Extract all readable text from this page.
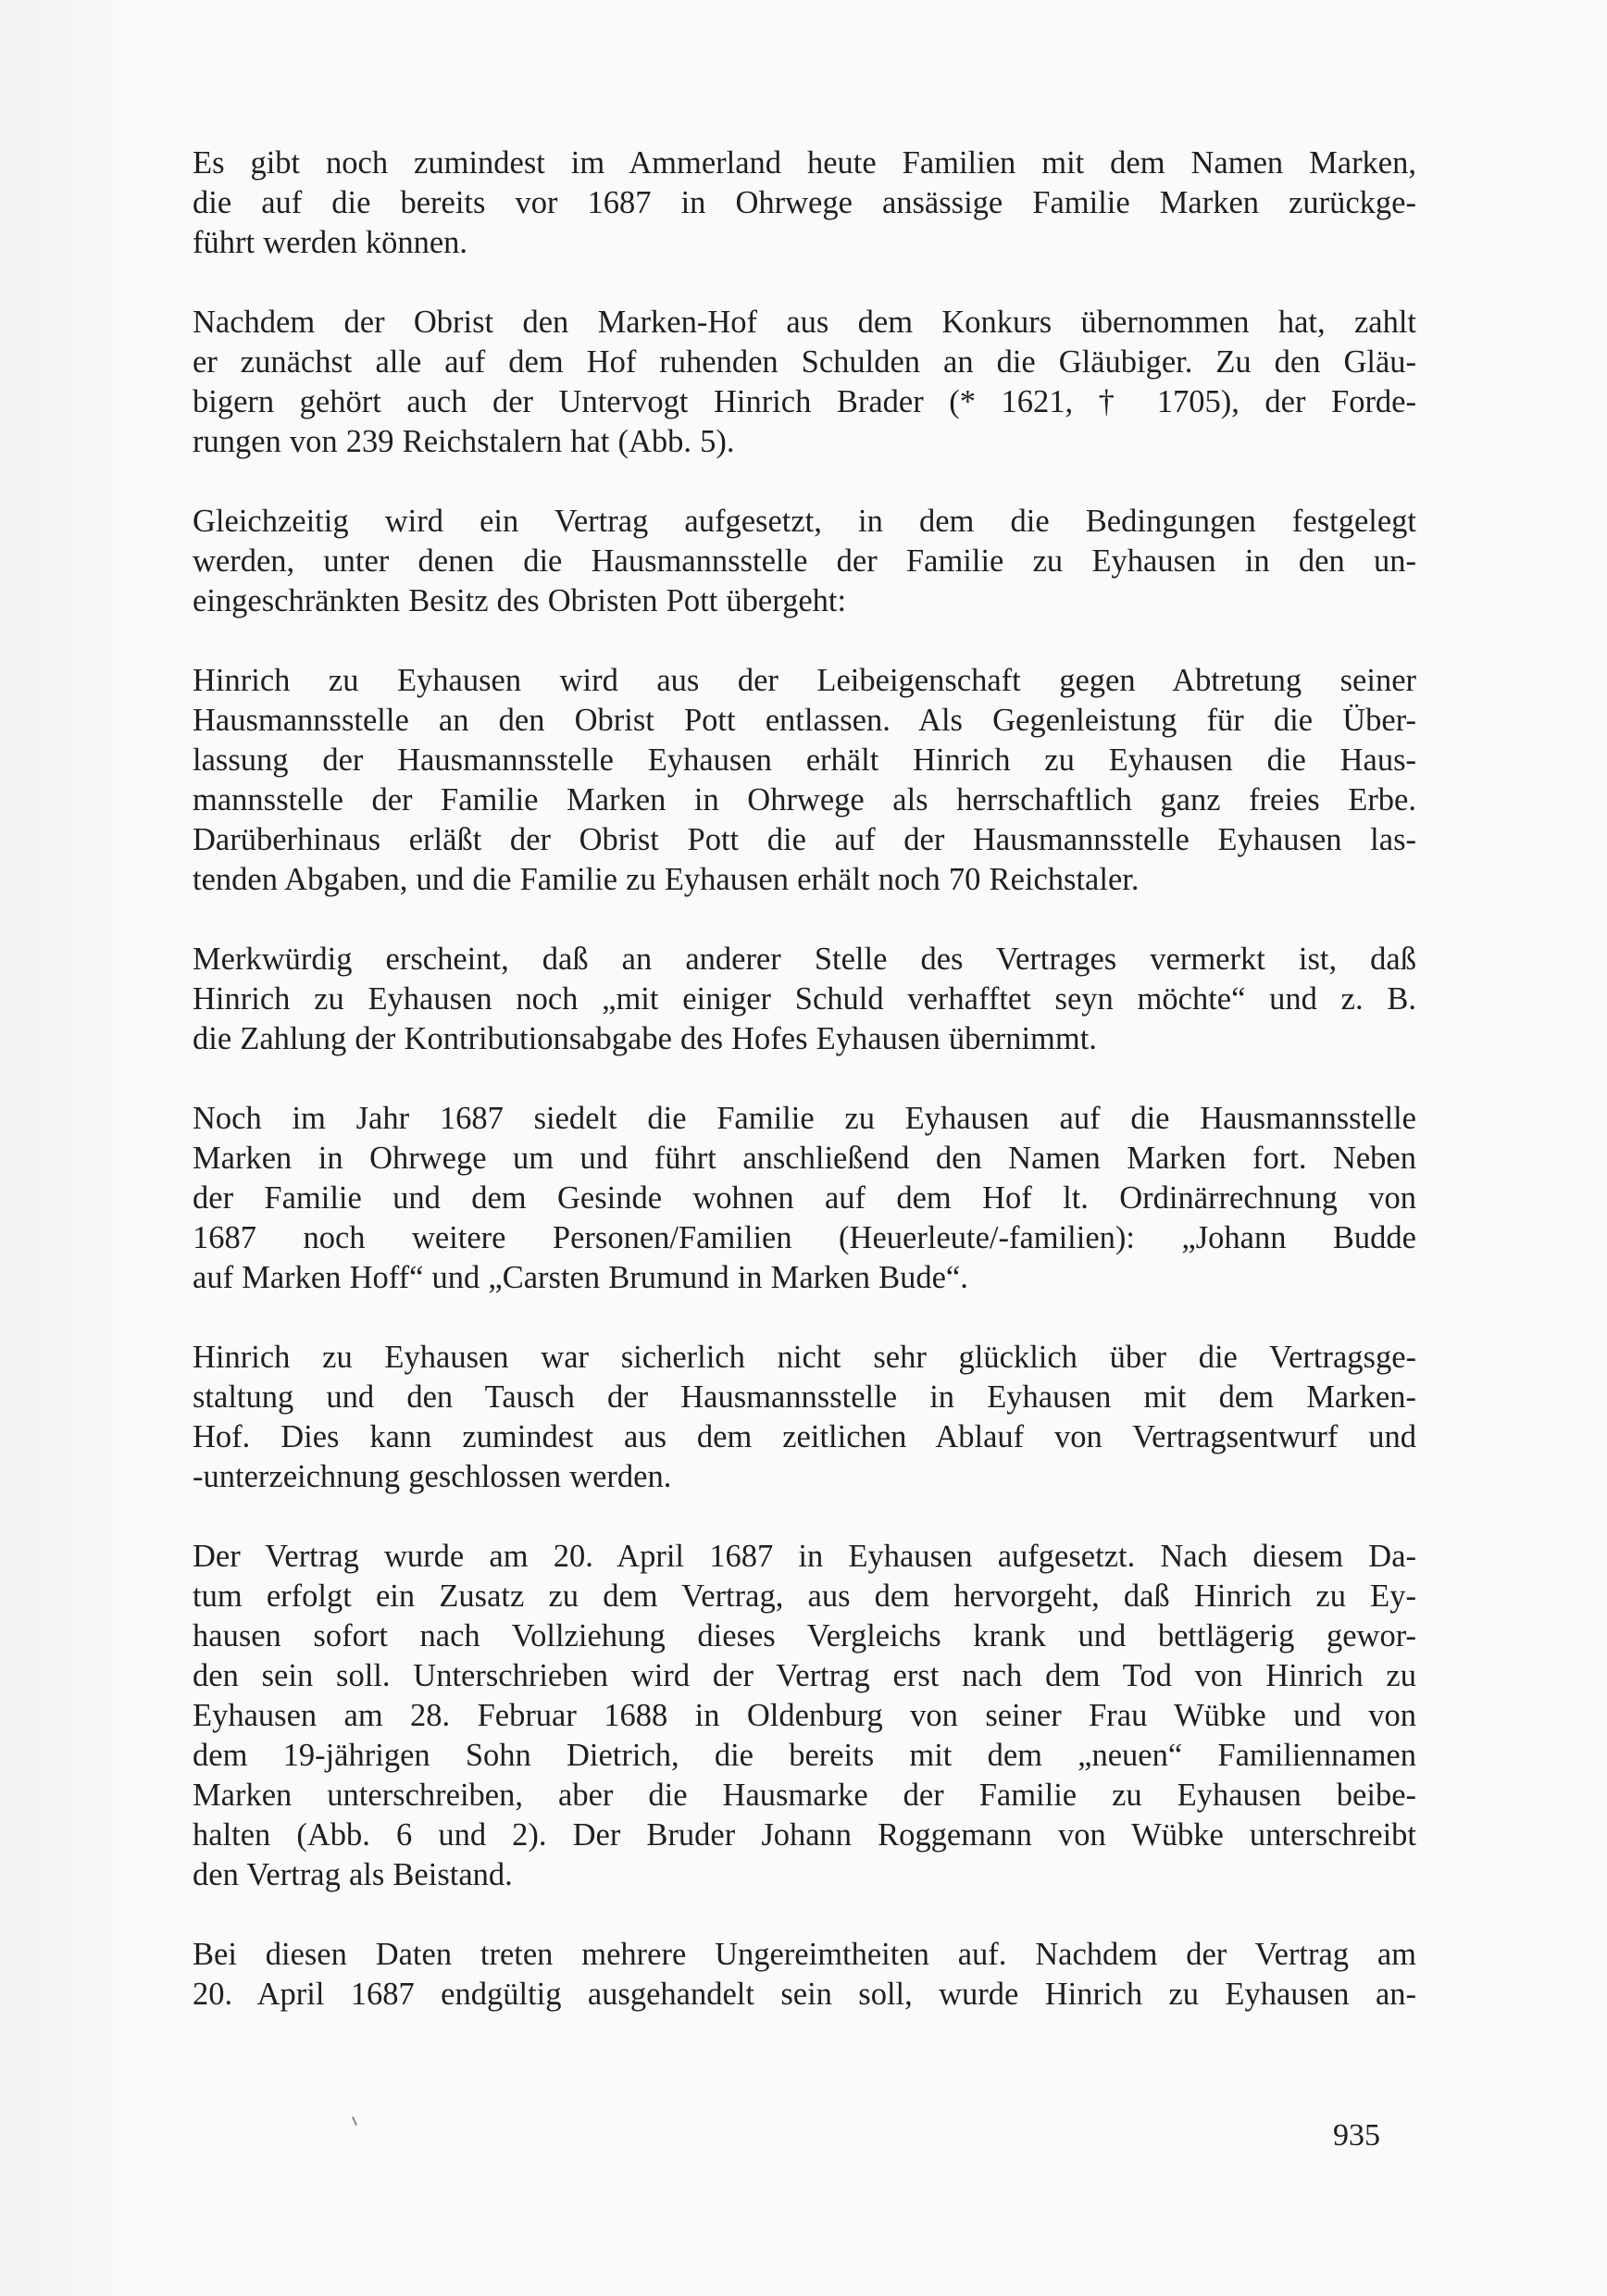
Es gibt noch zumindest im Ammerland heute Familien mit dem Namen Marken,
die auf die bereits vor 1687 in Ohrwege ansässige Familie Marken zurückge-
führt werden können.

Nachdem der Obrist den Marken-Hof aus dem Konkurs übernommen hat, zahlt
er zunächst alle auf dem Hof ruhenden Schulden an die Gläubiger. Zu den Gläu-
bigern gehört auch der Untervogt Hinrich Brader (* 1621, † 1705), der Forde-
rungen von 239 Reichstalern hat (Abb. 5).

Gleichzeitig wird ein Vertrag aufgesetzt, in dem die Bedingungen festgelegt
werden, unter denen die Hausmannsstelle der Familie zu Eyhausen in den un-
eingeschränkten Besitz des Obristen Pott übergeht:

Hinrich zu Eyhausen wird aus der Leibeigenschaft gegen Abtretung seiner
Hausmannsstelle an den Obrist Pott entlassen. Als Gegenleistung für die Über-
lassung der Hausmannsstelle Eyhausen erhält Hinrich zu Eyhausen die Haus-
mannsstelle der Familie Marken in Ohrwege als herrschaftlich ganz freies Erbe.
Darüberhinaus erläßt der Obrist Pott die auf der Hausmannsstelle Eyhausen las-
tenden Abgaben, und die Familie zu Eyhausen erhält noch 70 Reichstaler.

Merkwürdig erscheint, daß an anderer Stelle des Vertrages vermerkt ist, daß
Hinrich zu Eyhausen noch „mit einiger Schuld verhafftet seyn möchte“ und z. B.
die Zahlung der Kontributionsabgabe des Hofes Eyhausen übernimmt.

Noch im Jahr 1687 siedelt die Familie zu Eyhausen auf die Hausmannsstelle
Marken in Ohrwege um und führt anschließend den Namen Marken fort. Neben
der Familie und dem Gesinde wohnen auf dem Hof lt. Ordinärrechnung von
1687 noch weitere Personen/Familien (Heuerleute/-familien): „Johann Budde
auf Marken Hoff“ und „Carsten Brumund in Marken Bude“.

Hinrich zu Eyhausen war sicherlich nicht sehr glücklich über die Vertragsge-
staltung und den Tausch der Hausmannsstelle in Eyhausen mit dem Marken-
Hof. Dies kann zumindest aus dem zeitlichen Ablauf von Vertragsentwurf und
-unterzeichnung geschlossen werden.

Der Vertrag wurde am 20. April 1687 in Eyhausen aufgesetzt. Nach diesem Da-
tum erfolgt ein Zusatz zu dem Vertrag, aus dem hervorgeht, daß Hinrich zu Ey-
hausen sofort nach Vollziehung dieses Vergleichs krank und bettlägerig gewor-
den sein soll. Unterschrieben wird der Vertrag erst nach dem Tod von Hinrich zu
Eyhausen am 28. Februar 1688 in Oldenburg von seiner Frau Wübke und von
dem 19-jährigen Sohn Dietrich, die bereits mit dem „neuen“ Familiennamen
Marken unterschreiben, aber die Hausmarke der Familie zu Eyhausen beibe-
halten (Abb. 6 und 2). Der Bruder Johann Roggemann von Wübke unterschreibt
den Vertrag als Beistand.

Bei diesen Daten treten mehrere Ungereimtheiten auf. Nachdem der Vertrag am
20. April 1687 endgültig ausgehandelt sein soll, wurde Hinrich zu Eyhausen an-

935
